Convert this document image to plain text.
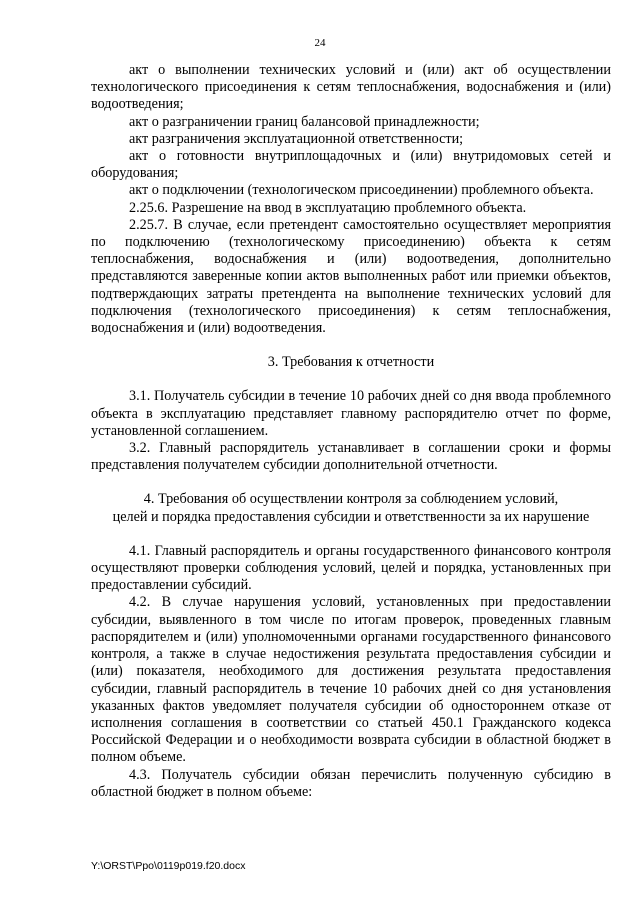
24

акт о выполнении технических условий и (или) акт об осуществлении технологического присоединения к сетям теплоснабжения, водоснабжения и (или) водоотведения;

акт о разграничении границ балансовой принадлежности;

акт разграничения эксплуатационной ответственности;

акт о готовности внутриплощадочных и (или) внутридомовых сетей и оборудования;

акт о подключении (технологическом присоединении) проблемного объекта.

2.25.6. Разрешение на ввод в эксплуатацию проблемного объекта.

2.25.7. В случае, если претендент самостоятельно осуществляет мероприятия по подключению (технологическому присоединению) объекта к сетям теплоснабжения, водоснабжения и (или) водоотведения, дополнительно представляются заверенные копии актов выполненных работ или приемки объектов, подтверждающих затраты претендента на выполнение технических условий для подключения (технологического присоединения) к сетям теплоснабжения, водоснабжения и (или) водоотведения.

3. Требования к отчетности

3.1. Получатель субсидии в течение 10 рабочих дней со дня ввода проблемного объекта в эксплуатацию представляет главному распорядителю отчет по форме, установленной соглашением.

3.2. Главный распорядитель устанавливает в соглашении сроки и формы представления получателем субсидии дополнительной отчетности.

4. Требования об осуществлении контроля за соблюдением условий,

целей и порядка предоставления субсидии и ответственности за их нарушение

4.1. Главный распорядитель и органы государственного финансового контроля осуществляют проверки соблюдения условий, целей и порядка, установленных при предоставлении субсидий.

4.2. В случае нарушения условий, установленных при предоставлении субсидии, выявленного в том числе по итогам проверок, проведенных главным распорядителем и (или) уполномоченными органами государственного финансового контроля, а также в случае недостижения результата предоставления субсидии и (или) показателя, необходимого для достижения результата предоставления субсидии, главный распорядитель в течение 10 рабочих дней со дня установления указанных фактов уведомляет получателя субсидии об одностороннем отказе от исполнения соглашения в соответствии со статьей 450.1 Гражданского кодекса Российской Федерации и о необходимости возврата субсидии в областной бюджет в полном объеме.

4.3. Получатель субсидии обязан перечислить полученную субсидию в областной бюджет в полном объеме:

Y:\ORST\Ppo\0119p019.f20.docx
